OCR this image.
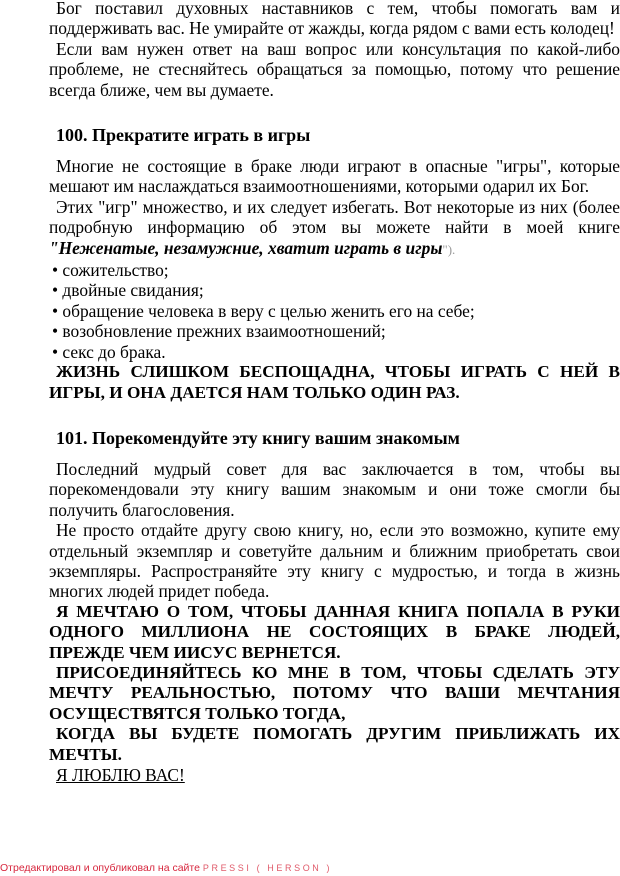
Бог поставил духовных наставников с тем, чтобы помогать вам и поддерживать вас. Не умирайте от жажды, когда рядом с вами есть колодец!

Если вам нужен ответ на ваш вопрос или консультация по какой-либо проблеме, не стесняйтесь обращаться за помощью, потому что решение всегда ближе, чем вы думаете.

100. Прекратите играть в игры

Многие не состоящие в браке люди играют в опасные "игры", которые мешают им наслаждаться взаимоотношениями, которыми одарил их Бог.

Этих "игр" множество, и их следует избегать. Вот некоторые из них (более подробную информацию об этом вы можете найти в моей книге "Неженатые, незамужние, хватит играть в игры").

• сожительство;

• двойные свидания;

• обращение человека в веру с целью женить его на себе;

• возобновление прежних взаимоотношений;

• секс до брака.

ЖИЗНЬ СЛИШКОМ БЕСПОЩАДНА, ЧТОБЫ ИГРАТЬ С НЕЙ В ИГРЫ, И ОНА ДАЕТСЯ НАМ ТОЛЬКО ОДИН РАЗ.

101. Порекомендуйте эту книгу вашим знакомым

Последний мудрый совет для вас заключается в том, чтобы вы порекомендовали эту книгу вашим знакомым и они тоже смогли бы получить благословения.

Не просто отдайте другу свою книгу, но, если это возможно, купите ему отдельный экземпляр и советуйте дальним и ближним приобретать свои экземпляры. Распространяйте эту книгу с мудростью, и тогда в жизнь многих людей придет победа.

Я МЕЧТАЮ О ТОМ, ЧТОБЫ ДАННАЯ КНИГА ПОПАЛА В РУКИ ОДНОГО МИЛЛИОНА НЕ СОСТОЯЩИХ В БРАКЕ ЛЮДЕЙ, ПРЕЖДЕ ЧЕМ ИИСУС ВЕРНЕТСЯ.

ПРИСОЕДИНЯЙТЕСЬ КО МНЕ В ТОМ, ЧТОБЫ СДЕЛАТЬ ЭТУ МЕЧТУ РЕАЛЬНОСТЬЮ, ПОТОМУ ЧТО ВАШИ МЕЧТАНИЯ ОСУЩЕСТВЯТСЯ ТОЛЬКО ТОГДА,

КОГДА ВЫ БУДЕТЕ ПОМОГАТЬ ДРУГИМ ПРИБЛИЖАТЬ ИХ МЕЧТЫ.

Я ЛЮБЛЮ ВАС!

Отредактировал и опубликовал на сайте PRESSI ( HERSON )
